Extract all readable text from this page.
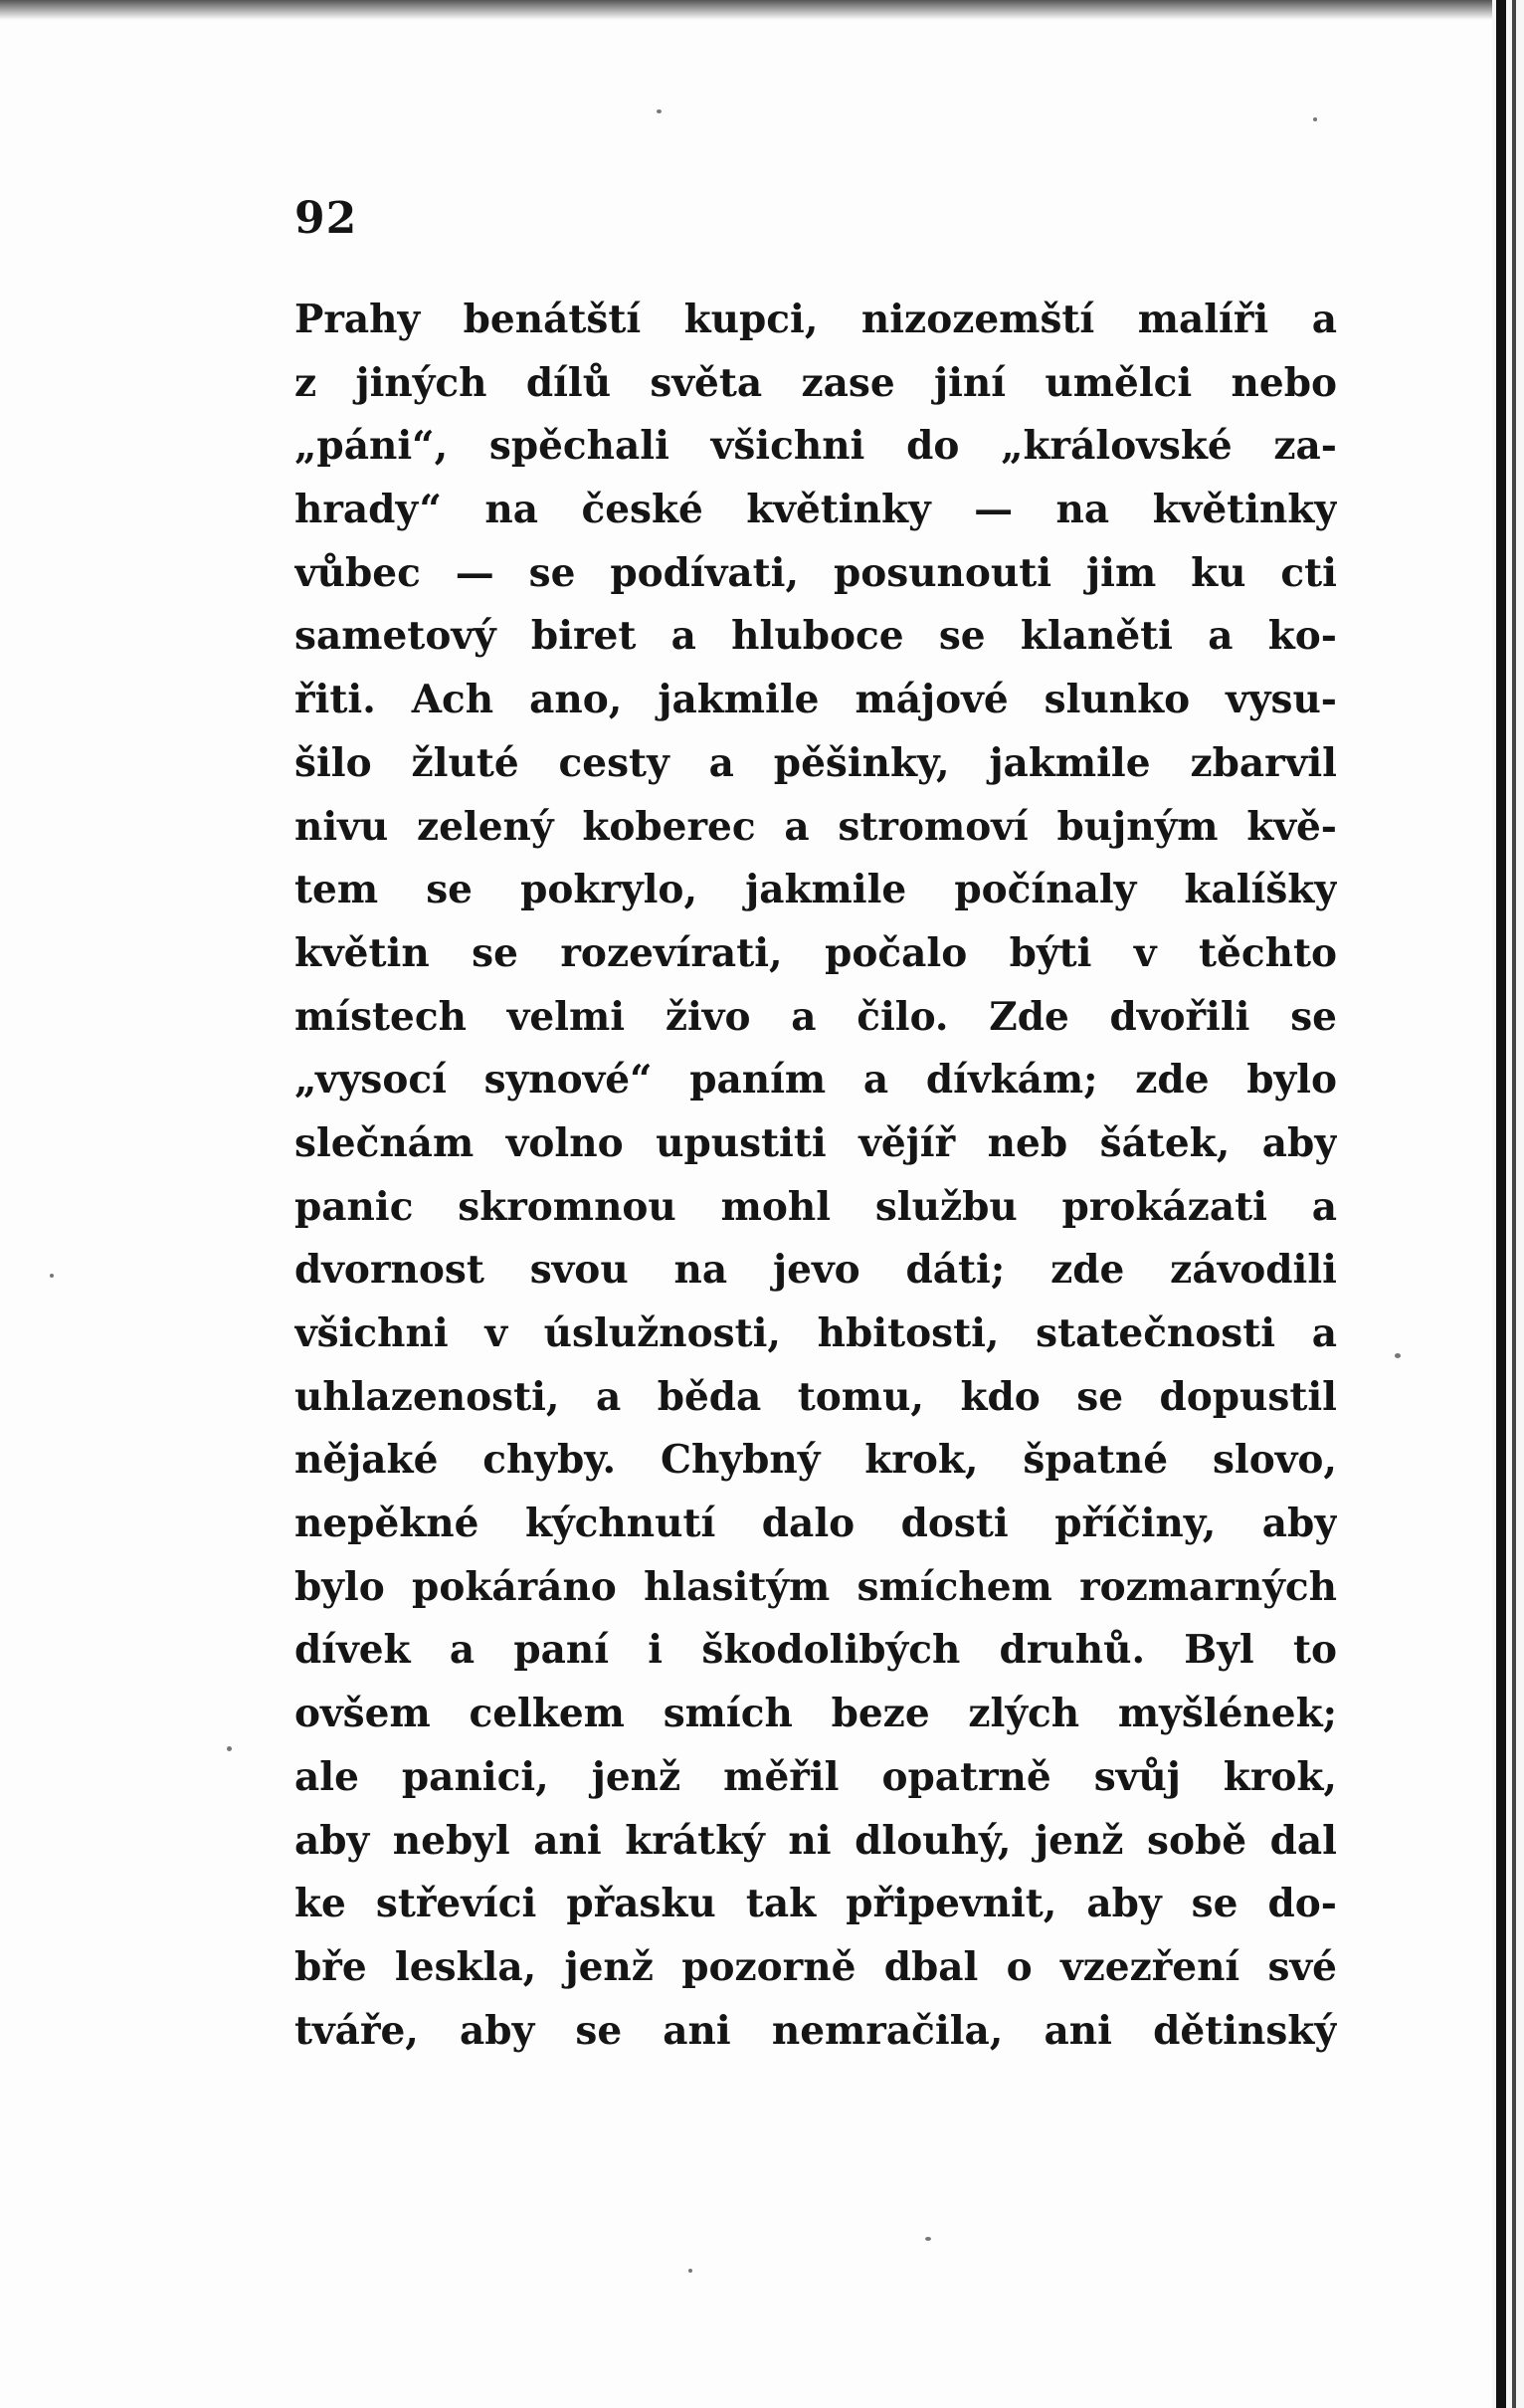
92
Prahy benátští kupci, nizozemští malíři a
z jiných dílů světa zase jiní umělci nebo
„páni“, spěchali všichni do „královské za-
hrady“ na české květinky — na květinky
vůbec — se podívati, posunouti jim ku cti
sametový biret a hluboce se klaněti a ko-
řiti. Ach ano, jakmile májové slunko vysu-
šilo žluté cesty a pěšinky, jakmile zbarvil
nivu zelený koberec a stromoví bujným kvě-
tem se pokrylo, jakmile počínaly kalíšky
květin se rozevírati, počalo býti v těchto
místech velmi živo a čilo. Zde dvořili se
„vysocí synové“ paním a dívkám; zde bylo
slečnám volno upustiti vějíř neb šátek, aby
panic skromnou mohl službu prokázati a
dvornost svou na jevo dáti; zde závodili
všichni v úslužnosti, hbitosti, statečnosti a
uhlazenosti, a běda tomu, kdo se dopustil
nějaké chyby. Chybný krok, špatné slovo,
nepěkné kýchnutí dalo dosti příčiny, aby
bylo pokáráno hlasitým smíchem rozmarných
dívek a paní i škodolibých druhů. Byl to
ovšem celkem smích beze zlých myšlének;
ale panici, jenž měřil opatrně svůj krok,
aby nebyl ani krátký ni dlouhý, jenž sobě dal
ke střevíci přasku tak připevnit, aby se do-
bře leskla, jenž pozorně dbal o vzezření své
tváře, aby se ani nemračila, ani dětinský
